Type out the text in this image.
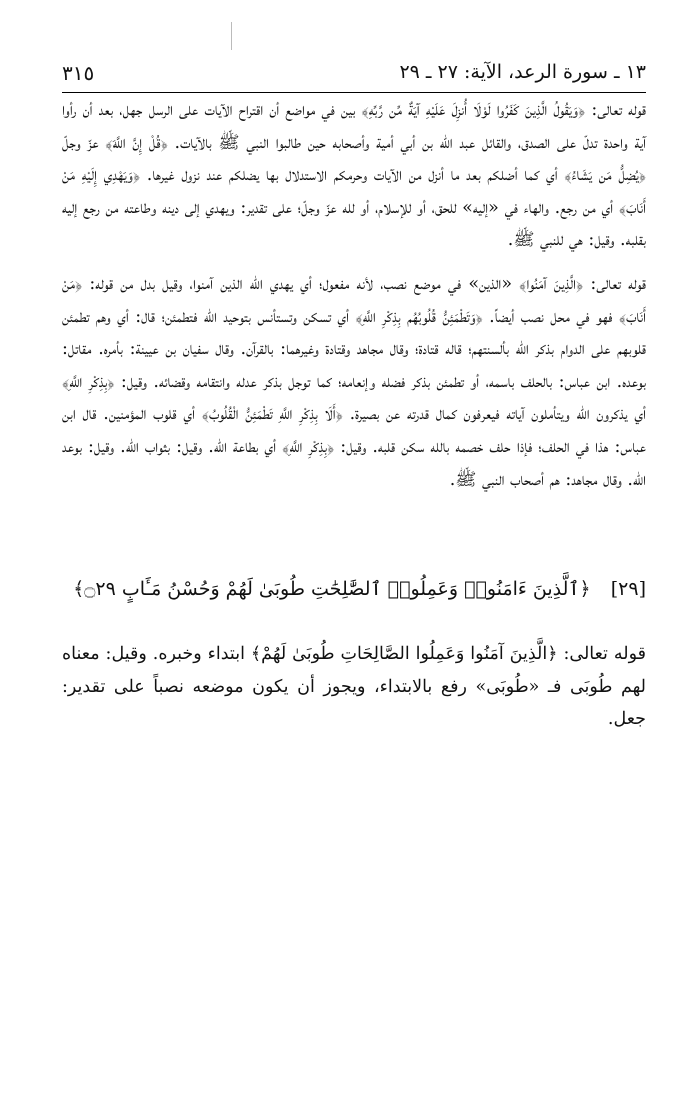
١٣ ـ سورة الرعد، الآية: ٢٧ ـ ٢٩
٣١٥

قوله تعالى: ﴿وَيَقُولُ الَّذِينَ كَفَرُوا لَوْلَا أُنزِلَ عَلَيْهِ آيَةٌ مِّن رَّبِّهِ﴾ بين في مواضع أن اقتراح الآيات على الرسل جهل، بعد أن رأوا آية واحدة تدلّ على الصدق، والقائل عبد الله بن أبي أمية وأصحابه حين طالبوا النبي ﷺ بالآيات. ﴿قُلْ إِنَّ اللَّهَ﴾ عزّ وجلّ ﴿يُضِلُّ مَن يَشَاءُ﴾ أي كما أضلكم بعد ما أنزل من الآيات وحرمكم الاستدلال بها يضلكم عند نزول غيرها. ﴿وَيَهْدِي إِلَيْهِ مَنْ أَنَابَ﴾ أي من رجع. والهاء في «إليه» للحق، أو للإسلام، أو لله عزّ وجلّ؛ على تقدير: ويهدي إلى دينه وطاعته من رجع إليه بقلبه. وقيل: هي للنبي ﷺ.

قوله تعالى: ﴿الَّذِينَ آمَنُوا﴾ «الذين» في موضع نصب، لأنه مفعول؛ أي يهدي الله الذين آمنوا، وقيل بدل من قوله: ﴿مَنْ أَنَابَ﴾ فهو في محل نصب أيضاً. ﴿وَتَطْمَئِنُّ قُلُوبُهُم بِذِكْرِ اللَّهِ﴾ أي تسكن وتستأنس بتوحيد الله فتطمئن؛ قال: أي وهم تطمئن قلوبهم على الدوام بذكر الله بألسنتهم؛ قاله قتادة؛ وقال مجاهد وقتادة وغيرهما: بالقرآن. وقال سفيان بن عيينة: بأمره. مقاتل: بوعده. ابن عباس: بالحلف باسمه، أو تطمئن بذكر فضله وإنعامه؛ كما توجل بذكر عدله وانتقامه وقضائه. وقيل: ﴿بِذِكْرِ اللَّهِ﴾ أي يذكرون الله ويتأملون آياته فيعرفون كمال قدرته عن بصيرة. ﴿أَلَا بِذِكْرِ اللَّهِ تَطْمَئِنُّ الْقُلُوبُ﴾ أي قلوب المؤمنين. قال ابن عباس: هذا في الحلف؛ فإذا حلف خصمه بالله سكن قلبه. وقيل: ﴿بِذِكْرِ اللَّهِ﴾ أي بطاعة الله. وقيل: بثواب الله. وقيل: بوعد الله. وقال مجاهد: هم أصحاب النبي ﷺ.

[٢٩] ﴿ٱلَّذِينَ ءَامَنُوا۟ وَعَمِلُوا۟ ٱلصَّٰلِحَٰتِ طُوبَىٰ لَهُمْ وَحُسْنُ مَـَٔابٍ ۝٢٩﴾

قوله تعالى: ﴿الَّذِينَ آمَنُوا وَعَمِلُوا الصَّالِحَاتِ طُوبَىٰ لَهُمْ﴾ ابتداء وخبره. وقيل: معناه لهم طُوبَى فـ «طُوبَى» رفع بالابتداء، ويجوز أن يكون موضعه نصباً على تقدير: جعل.
